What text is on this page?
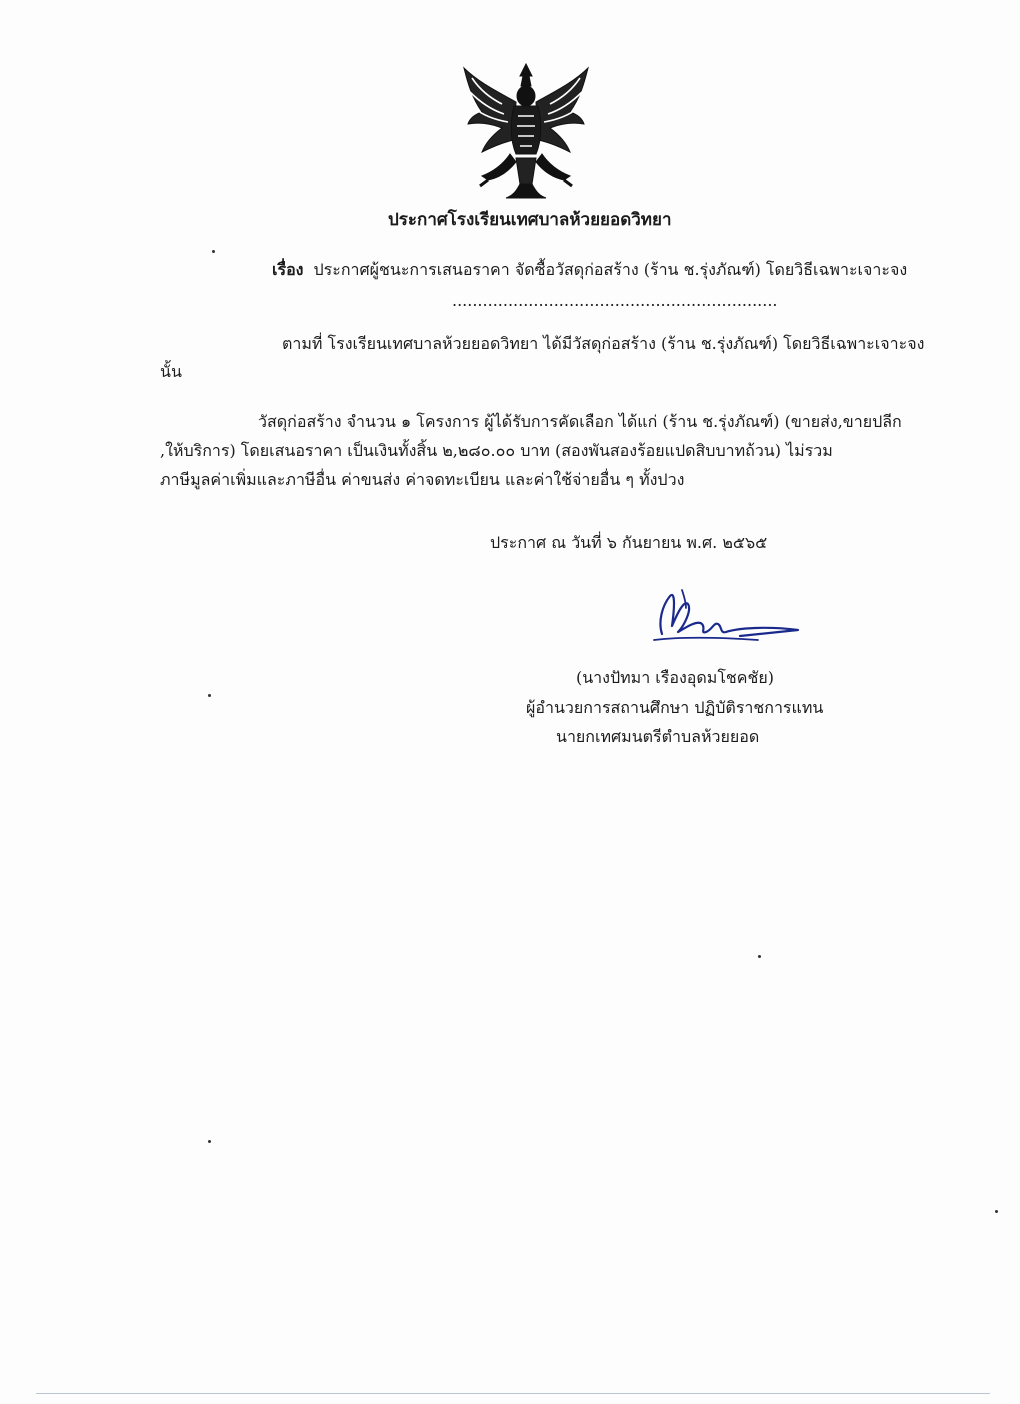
ประกาศโรงเรียนเทศบาลห้วยยอดวิทยา
เรื่อง ประกาศผู้ชนะการเสนอราคา จัดซื้อวัสดุก่อสร้าง (ร้าน ช.รุ่งภัณฑ์) โดยวิธีเฉพาะเจาะจง
................................................................
ตามที่ โรงเรียนเทศบาลห้วยยอดวิทยา ได้มีวัสดุก่อสร้าง (ร้าน ช.รุ่งภัณฑ์) โดยวิธีเฉพาะเจาะจง
นั้น
วัสดุก่อสร้าง จำนวน ๑ โครงการ ผู้ได้รับการคัดเลือก ได้แก่ (ร้าน ช.รุ่งภัณฑ์) (ขายส่ง,ขายปลีก
,ให้บริการ) โดยเสนอราคา เป็นเงินทั้งสิ้น ๒,๒๘๐.๐๐ บาท (สองพันสองร้อยแปดสิบบาทถ้วน) ไม่รวม
ภาษีมูลค่าเพิ่มและภาษีอื่น ค่าขนส่ง ค่าจดทะเบียน และค่าใช้จ่ายอื่น ๆ ทั้งปวง
ประกาศ ณ วันที่ ๖ กันยายน พ.ศ. ๒๕๖๕
(นางปัทมา เรืองอุดมโชคชัย)
ผู้อำนวยการสถานศึกษา ปฏิบัติราชการแทน
นายกเทศมนตรีตำบลห้วยยอด
